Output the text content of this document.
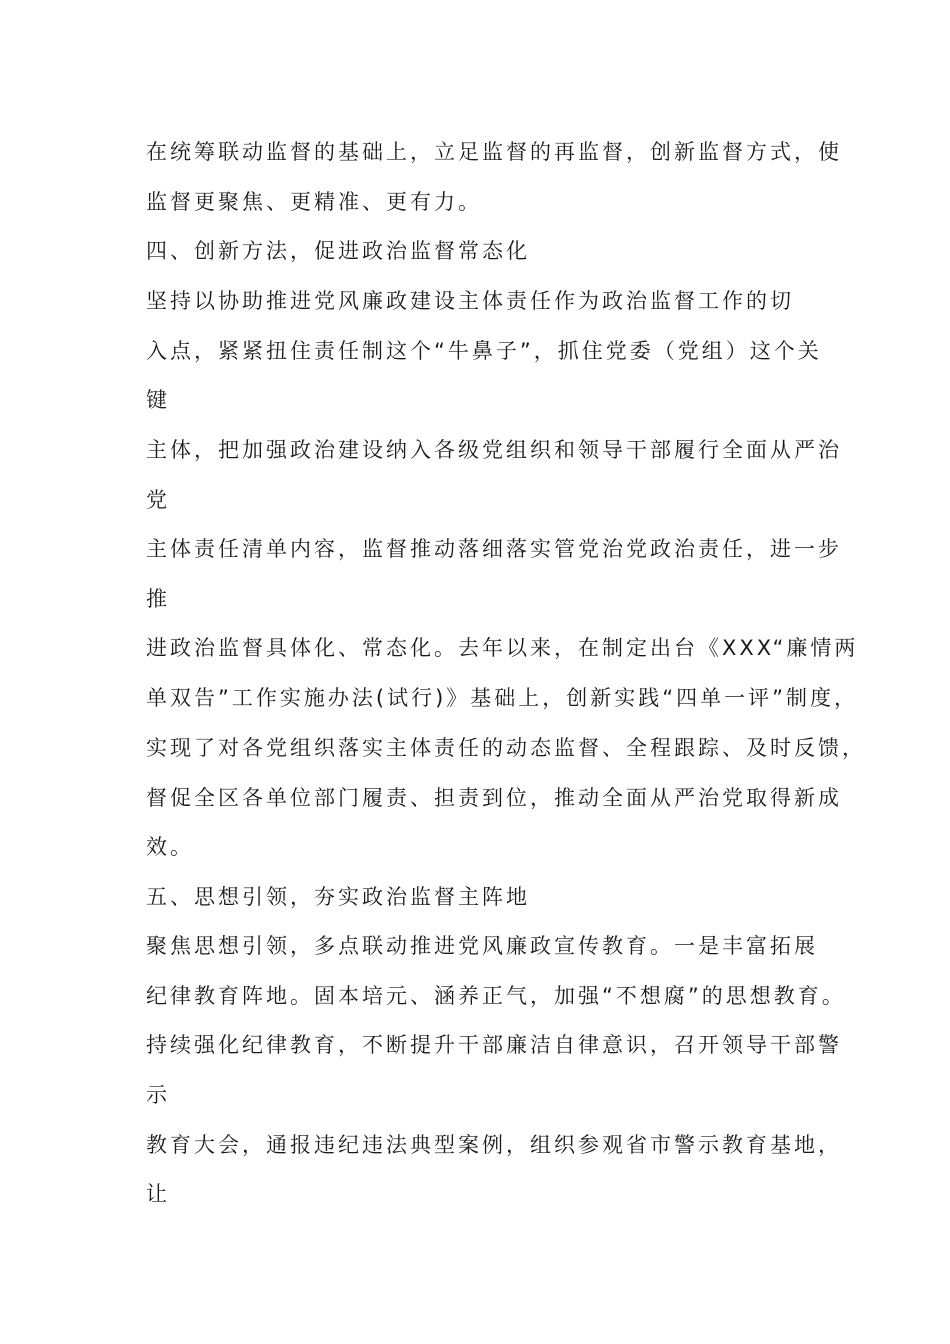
在统筹联动监督的基础上，立足监督的再监督，创新监督方式，使
监督更聚焦、更精准、更有力。
四、创新方法，促进政治监督常态化
坚持以协助推进党风廉政建设主体责任作为政治监督工作的切
入点，紧紧扭住责任制这个“牛鼻子”，抓住党委（党组）这个关
键
主体，把加强政治建设纳入各级党组织和领导干部履行全面从严治
党
主体责任清单内容，监督推动落细落实管党治党政治责任，进一步
推
进政治监督具体化、常态化。去年以来，在制定出台《XXX“廉情两
单双告”工作实施办法(试行)》基础上，创新实践“四单一评”制度，
实现了对各党组织落实主体责任的动态监督、全程跟踪、及时反馈，
督促全区各单位部门履责、担责到位，推动全面从严治党取得新成
效。
五、思想引领，夯实政治监督主阵地
聚焦思想引领，多点联动推进党风廉政宣传教育。一是丰富拓展
纪律教育阵地。固本培元、涵养正气，加强“不想腐”的思想教育。
持续强化纪律教育，不断提升干部廉洁自律意识，召开领导干部警
示
教育大会，通报违纪违法典型案例，组织参观省市警示教育基地，
让
